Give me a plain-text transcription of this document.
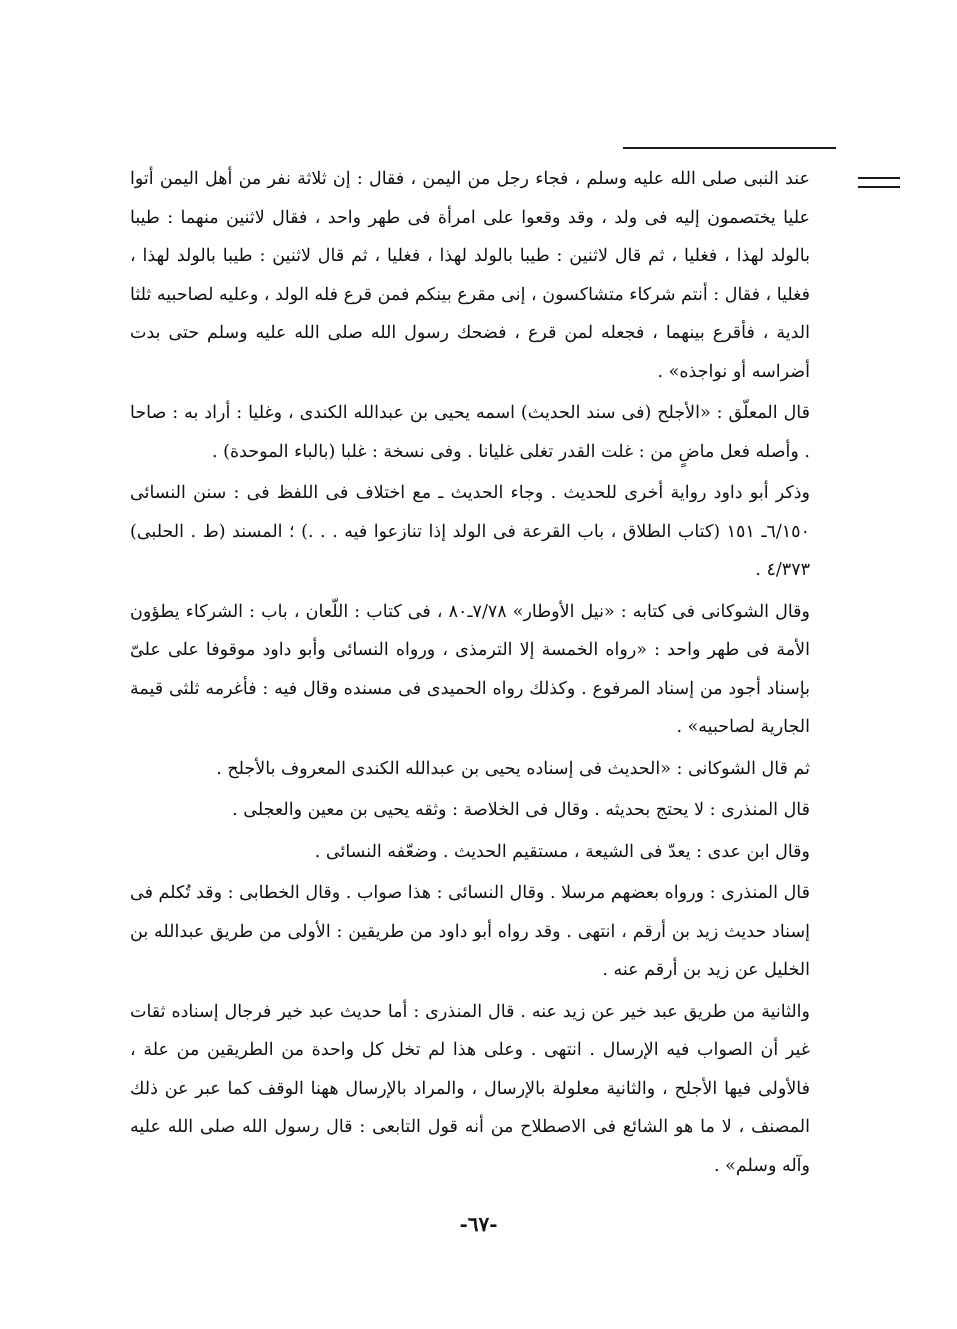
عند النبى صلى الله عليه وسلم ، فجاء رجل من اليمن ، فقال : إن ثلاثة نفر من أهل اليمن أتوا عليا يختصمون إليه فى ولد ، وقد وقعوا على امرأة فى طهر واحد ، فقال لاثنين منهما : طيبا بالولد لهذا ، فغليا ، ثم قال لاثنين : طيبا بالولد لهذا ، فغليا ، ثم قال لاثنين : طيبا بالولد لهذا ، فغليا ، فقال : أنتم شركاء متشاكسون ، إنى مقرع بينكم فمن قرع فله الولد ، وعليه لصاحبيه ثلثا الدية ، فأقرع بينهما ، فجعله لمن قرع ، فضحك رسول الله صلى الله عليه وسلم حتى بدت أضراسه أو نواجذه» .

قال المعلّق : «الأجلح (فى سند الحديث) اسمه يحيى بن عبدالله الكندى ، وغليا : أراد به : صاحا . وأصله فعل ماضٍ من : غلت القدر تغلى غليانا . وفى نسخة : غلبا (بالباء الموحدة) .

وذكر أبو داود رواية أخرى للحديث . وجاء الحديث ـ مع اختلاف فى اللفظ فى : سنن النسائى ٦/١٥٠ـ ١٥١ (كتاب الطلاق ، باب القرعة فى الولد إذا تنازعوا فيه . . .) ؛ المسند (ط . الحلبى) ٤/٣٧٣ .

وقال الشوكانى فى كتابه : «نيل الأوطار» ٧/٧٨ـ٨٠ ، فى كتاب : اللّعان ، باب : الشركاء يطؤون الأمة فى طهر واحد : «رواه الخمسة إلا الترمذى ، ورواه النسائى وأبو داود موقوفا على علىّ بإسناد أجود من إسناد المرفوع . وكذلك رواه الحميدى فى مسنده وقال فيه : فأغرمه ثلثى قيمة الجارية لصاحبيه» .

ثم قال الشوكانى : «الحديث فى إسناده يحيى بن عبدالله الكندى المعروف بالأجلح .

قال المنذرى : لا يحتج بحديثه . وقال فى الخلاصة : وثقه يحيى بن معين والعجلى .

وقال ابن عدى : يعدّ فى الشيعة ، مستقيم الحديث . وضعّفه النسائى .

قال المنذرى : ورواه بعضهم مرسلا . وقال النسائى : هذا صواب . وقال الخطابى : وقد تُكلم فى إسناد حديث زيد بن أرقم ، انتهى . وقد رواه أبو داود من طريقين : الأولى من طريق عبدالله بن الخليل عن زيد بن أرقم عنه .

والثانية من طريق عبد خير عن زيد عنه . قال المنذرى : أما حديث عبد خير فرجال إسناده ثقات غير أن الصواب فيه الإرسال . انتهى . وعلى هذا لم تخل كل واحدة من الطريقين من علة ، فالأولى فيها الأجلح ، والثانية معلولة بالإرسال ، والمراد بالإرسال ههنا الوقف كما عبر عن ذلك المصنف ، لا ما هو الشائع فى الاصطلاح من أنه قول التابعى : قال رسول الله صلى الله عليه وآله وسلم» .

-٦٧-
